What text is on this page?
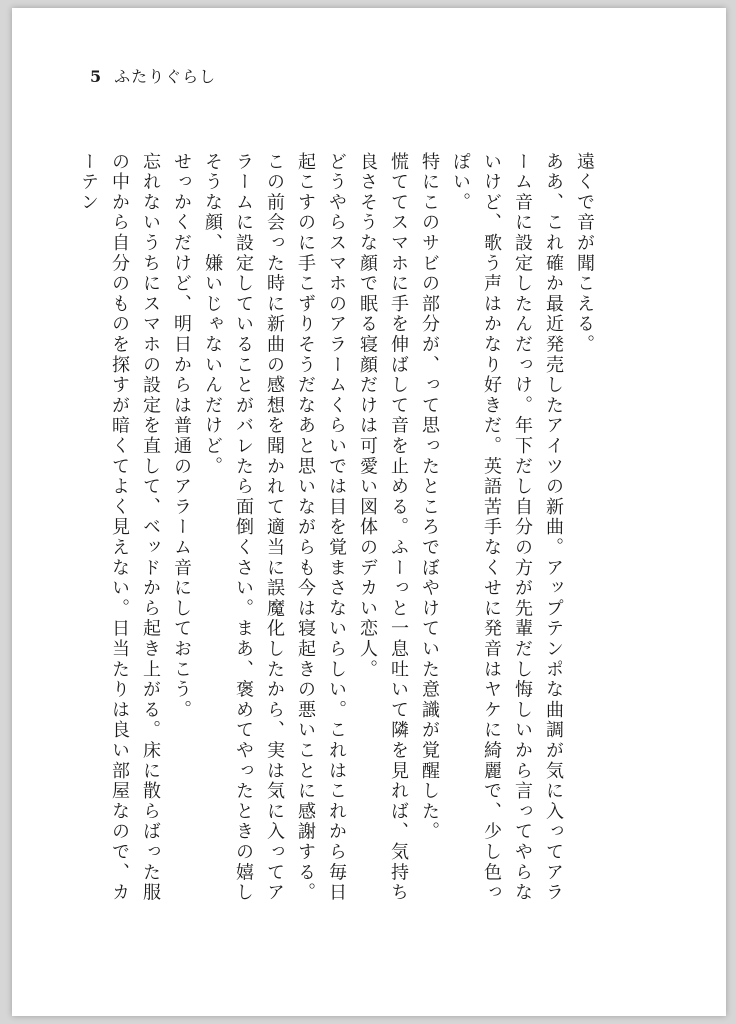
5 ふたりぐらし

遠くで音が聞こえる。

ああ、これ確か最近発売したアイツの新曲。アップテンポな曲調が気に入ってアラーム音に設定したんだっけ。年下だし自分の方が先輩だし悔しいから言ってやらないけど、歌う声はかなり好きだ。英語苦手なくせに発音はヤケに綺麗で、少し色っぽい。

特にこのサビの部分が、って思ったところでぼやけていた意識が覚醒した。

慌ててスマホに手を伸ばして音を止める。ふーっと一息吐いて隣を見れば、気持ち良さそうな顔で眠る寝顔だけは可愛い図体のデカい恋人。

どうやらスマホのアラームくらいでは目を覚まさないらしい。これはこれから毎日起こすのに手こずりそうだなあと思いながらも今は寝起きの悪いことに感謝する。

この前会った時に新曲の感想を聞かれて適当に誤魔化したから、実は気に入ってアラームに設定していることがバレたら面倒くさい。まあ、褒めてやったときの嬉しそうな顔、嫌いじゃないんだけど。

せっかくだけど、明日からは普通のアラーム音にしておこう。

忘れないうちにスマホの設定を直して、ベッドから起き上がる。床に散らばった服の中から自分のものを探すが暗くてよく見えない。日当たりは良い部屋なので、カーテン
